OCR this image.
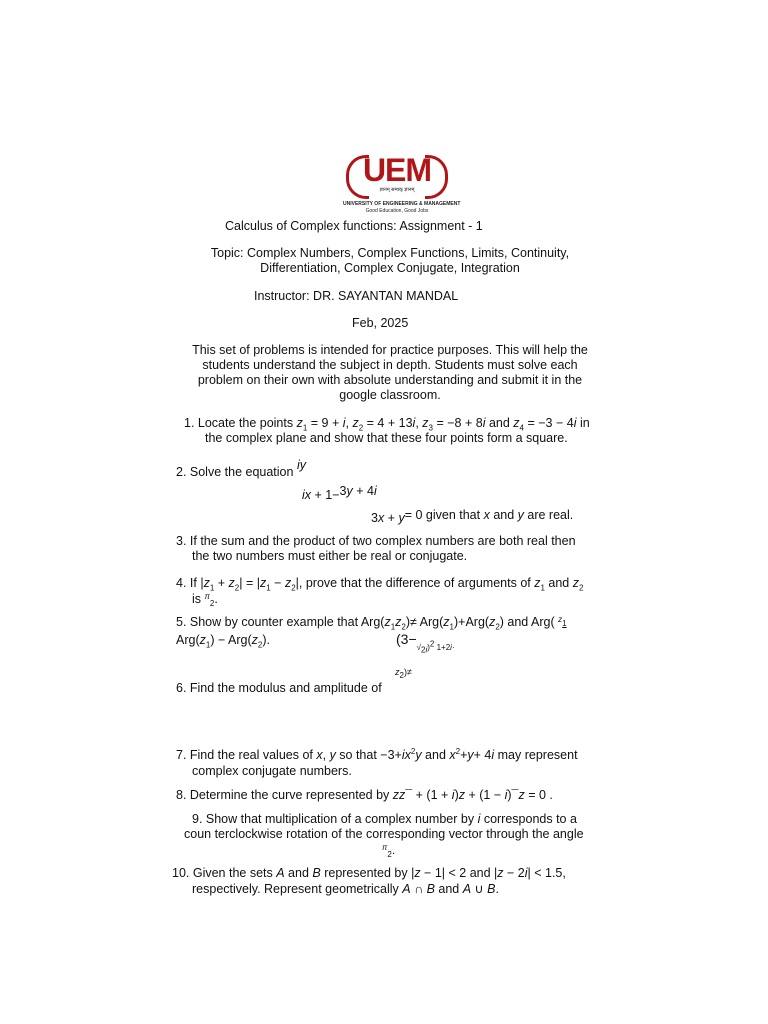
UEM
ज्ञानम् सम्यक् ज्ञानम्
UNIVERSITY OF ENGINEERING & MANAGEMENT
Good Education, Good Jobs
Calculus of Complex functions: Assignment - 1
Topic: Complex Numbers, Complex Functions, Limits, Continuity,
Differentiation, Complex Conjugate, Integration
Instructor: DR. SAYANTAN MANDAL
Feb, 2025
This set of problems is intended for practice purposes. This will help the
students understand the subject in depth. Students must solve each
problem on their own with absolute understanding and submit it in the
google classroom.
1. Locate the points $z_1 = 9 + i$, $z_2 = 4 + 13i$, $z_3 = -8 + 8i$ and $z_4 = -3 - 4i$ in
the complex plane and show that these four points form a square.
2. Solve the equation iy
ix + 1−3y + 4i
3x + y= 0 given that x and y are real.
3. If the sum and the product of two complex numbers are both real then
the two numbers must either be real or conjugate.
4. If $|z_1 + z_2| = |z_1 - z_2|$, prove that the difference of arguments of $z_1$ and $z_2$
is $^\pi_2$.
5. Show by counter example that $Arg(z_1z_2)\ne Arg(z_1)+Arg(z_2)$ and Arg( $^z$1
$Arg(z_1) - Arg(z_2)$.	($3-_{√_{2i})^2 1+2i\cdot}$
$z_2)\ne$
6. Find the modulus and amplitude of
7. Find the real values of x, y so that $-3+ix^2y$ and $x^2+y+ 4i$ may represent
complex conjugate numbers.
8. Determine the curve represented by zz¯ + (1 + i)z + (1 − i)¯z = 0 .
9. Show that multiplication of a complex number by i corresponds to a
coun terclockwise rotation of the corresponding vector through the angle
π2.
10. Given the sets A and B represented by |z − 1| < 2 and |z − 2i| < 1.5,
respectively. Represent geometrically A ∩ B and A ∪ B.
